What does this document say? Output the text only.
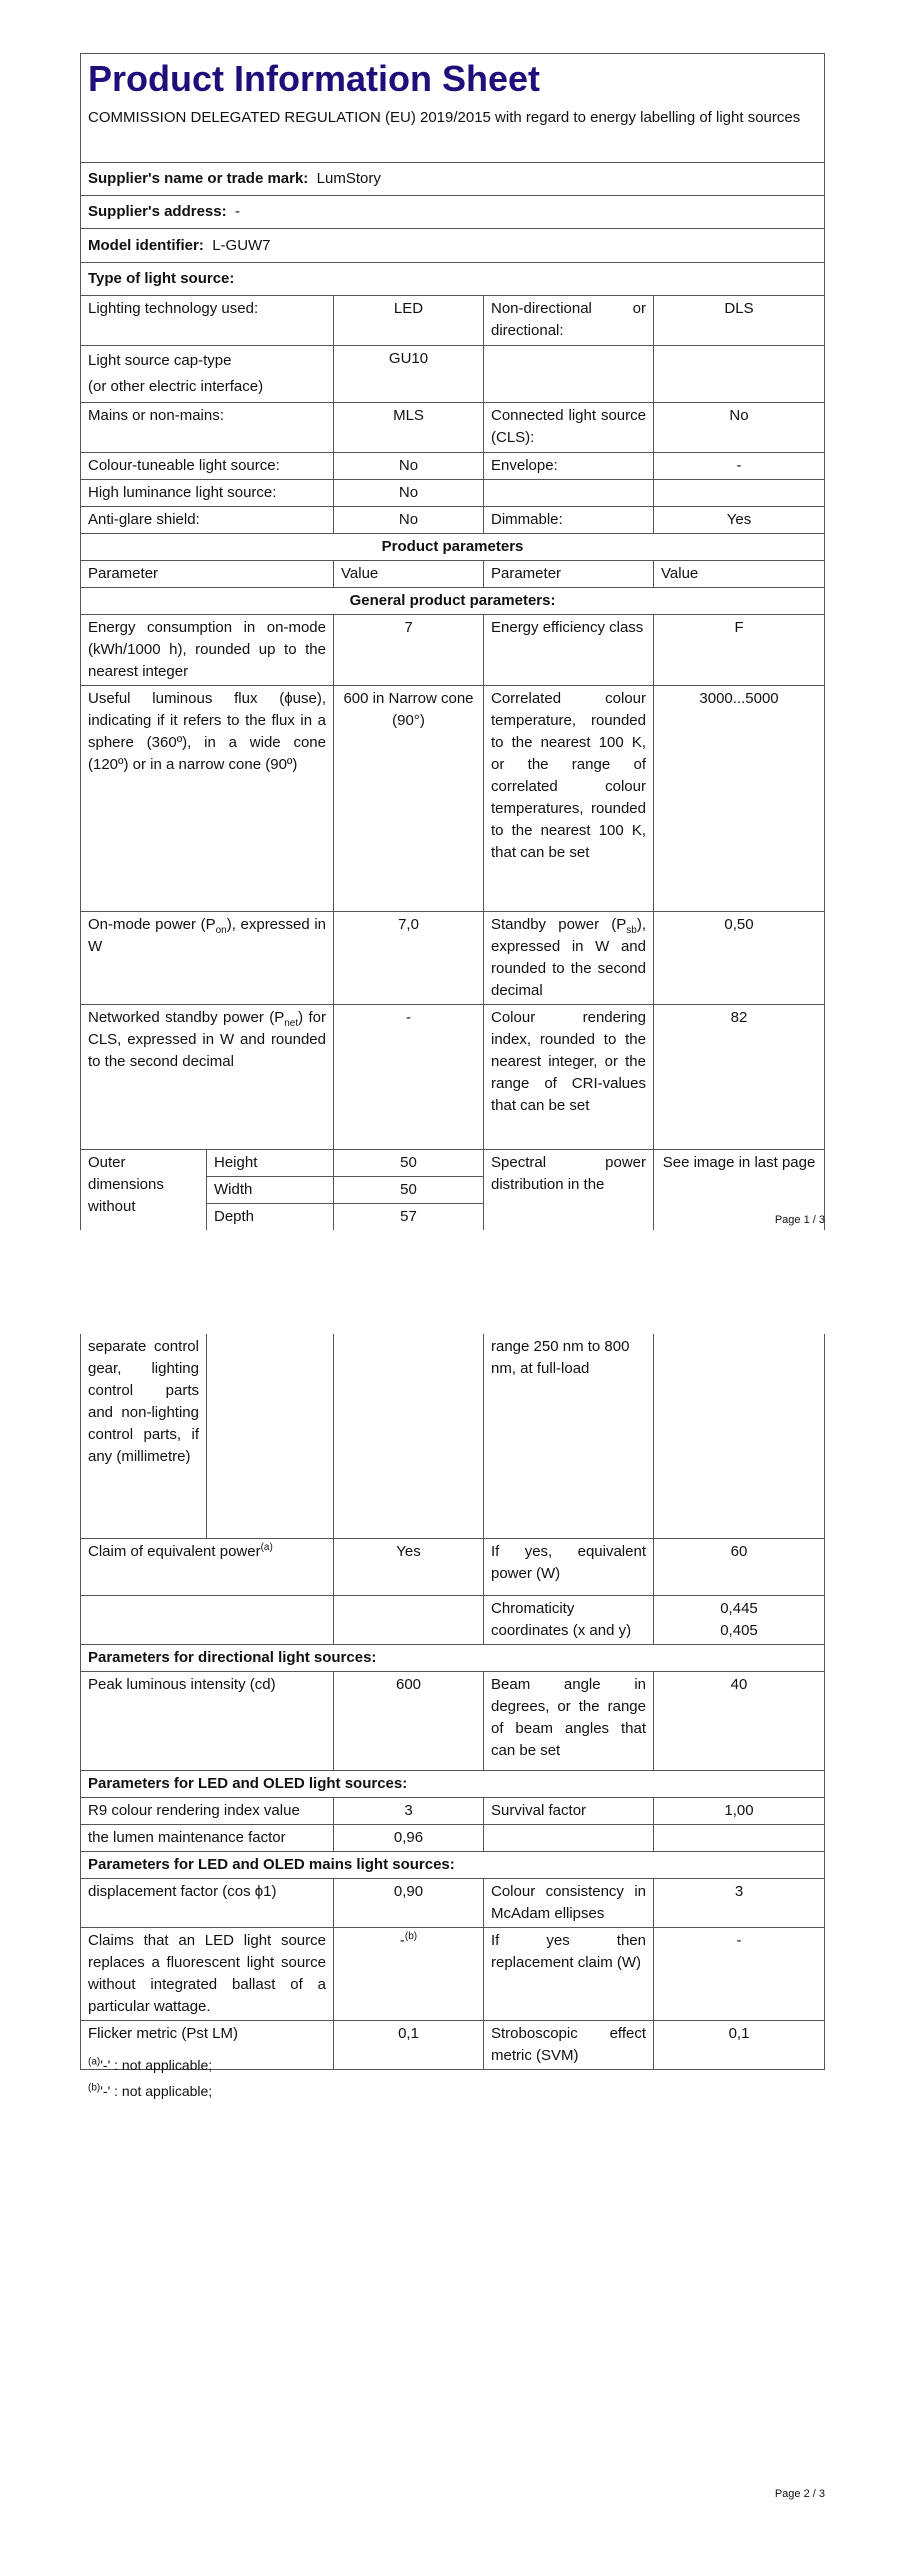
Product Information Sheet
COMMISSION DELEGATED REGULATION (EU) 2019/2015 with regard to energy labelling of light sources				

Supplier's name or trade mark: LumStory				
Supplier's address: -				
Model identifier: L-GUW7				
Type of light source:				
Lighting technology used:		LED	Non-directional or directional:	DLS
Light source cap-type
(or other electric interface)		GU10		
Mains or non-mains:		MLS	Connected light source (CLS):	No
Colour-tuneable light source:		No	Envelope:	-
High luminance light source:		No		
Anti-glare shield:		No	Dimmable:	Yes
Product parameters				
Parameter		Value	Parameter	Value
General product parameters:				
Energy consumption in on-mode (kWh/1000 h), rounded up to the nearest integer		7	Energy efficiency class	F
Useful luminous flux (ϕuse), indicating if it refers to the flux in a sphere (360º), in a wide cone (120º) or in a narrow cone (90º)		600 in Narrow cone (90°)	Correlated colour temperature, rounded to the nearest 100 K, or the range of correlated colour temperatures, rounded to the nearest 100 K, that can be set	3000...5000
On-mode power $(P_{on})$, expressed in W		7,0	Standby power $(P_{sb})$, expressed in W and rounded to the second decimal	0,50
Networked standby power $(P_{net})$ for CLS, expressed in W and rounded to the second decimal		-	Colour rendering index, rounded to the nearest integer, or the range of CRI-values that can be set	82
Outer dimensions without	Height	50	Spectral power distribution in the	See image in last page
	Width	50		
	Depth	57			Page 1 / 3
separate control gear, lighting control parts and non-lighting control parts, if any (millimetre)			range 250 nm to 800 nm, at full-load	
Claim of equivalent power$^{(a)}$		Yes	If yes, equivalent power (W)	60
			Chromaticity coordinates (x and y)	0,445
0,405
Parameters for directional light sources:				
Peak luminous intensity (cd)		600	Beam angle in degrees, or the range of beam angles that can be set	40
Parameters for LED and OLED light sources:				
R9 colour rendering index value		3	Survival factor	1,00
the lumen maintenance factor		0,96		
Parameters for LED and OLED mains light sources:				
displacement factor (cos ϕ1)		0,90	Colour consistency in McAdam ellipses	3
Claims that an LED light source replaces a fluorescent light source without integrated ballast of a particular wattage.		-$^{(b)}$	If yes then replacement claim (W)	-
Flicker metric (Pst LM)		0,1	Stroboscopic effect metric (SVM)	0,1
$^{(a)}$'-' : not applicable;
$^{(b)}$'-' : not applicable;
Page 2 / 3
